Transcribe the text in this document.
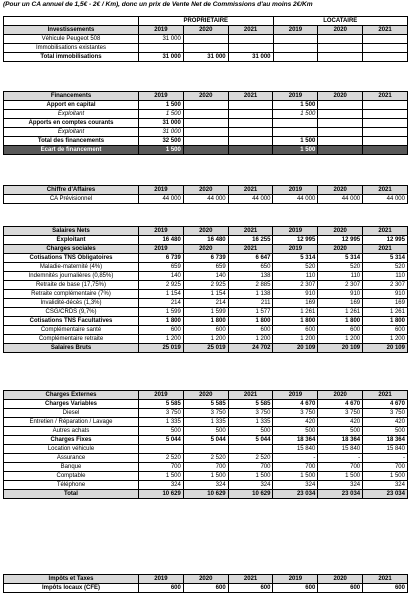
(Pour un CA annuel de 1,5€ - 2€ / Km), donc un prix de Vente Net de Commissions d'au moins 2€/Km
	PROPRIETAIRE			LOCATAIRE		
Investissements	2019	2020	2021	2019	2020	2021
Véhicule Peugeot 508	31 000					
Immobilisations existantes						
Total immobilisations	31 000	31 000	31 000			
Financements	2019	2020	2021	2019	2020	2021
Apport en capital	1 500			1 500		
Exploitant	1 500			1 500		
Apports en comptes courants	31 000					
Exploitant	31 000					
Total des financements	32 500			1 500		
Ecart de financement	1 500			1 500		
Chiffre d'Affaires	2019	2020	2021	2019	2020	2021
CA Prévisionnel	44 000	44 000	44 000	44 000	44 000	44 000
Salaires Nets	2019	2020	2021	2019	2020	2021
Exploitant	16 480	16 480	16 255	12 995	12 995	12 995
Charges sociales	2019	2020	2021	2019	2020	2021
Cotisations TNS Obligatoires	6 739	6 739	6 647	5 314	5 314	5 314
Maladie-maternité (4%)	659	659	650	520	520	520
Indemnités journalières (0,85%)	140	140	138	110	110	110
Retraite de base (17,75%)	2 925	2 925	2 885	2 307	2 307	2 307
Retraite complémentaire (7%)	1 154	1 154	1 138	910	910	910
Invalidité-décès (1,3%)	214	214	211	169	169	169
CSG/CRDS (9,7%)	1 599	1 599	1 577	1 261	1 261	1 261
Cotisations TNS Facultatives	1 800	1 800	1 800	1 800	1 800	1 800
Complémentaire santé	600	600	600	600	600	600
Complémentaire retraite	1 200	1 200	1 200	1 200	1 200	1 200
Salaires Bruts	25 019	25 019	24 702	20 109	20 109	20 109
Charges Externes	2019	2020	2021	2019	2020	2021
Charges Variables	5 585	5 585	5 585	4 670	4 670	4 670
Diesel	3 750	3 750	3 750	3 750	3 750	3 750
Entretien / Réparation / Lavage	1 335	1 335	1 335	420	420	420
Autres achats	500	500	500	500	500	500
Charges Fixes	5 044	5 044	5 044	18 364	18 364	18 364
Location véhicule				15 840	15 840	15 840
Assurance	2 520	2 520	2 520	-	-	-
Banque	700	700	700	700	700	700
Comptable	1 500	1 500	1 500	1 500	1 500	1 500
Téléphone	324	324	324	324	324	324
Total	10 629	10 629	10 629	23 034	23 034	23 034
Impôts et Taxes	2019	2020	2021	2019	2020	2021
Impôts locaux (CFE)	600	600	600	600	600	600
